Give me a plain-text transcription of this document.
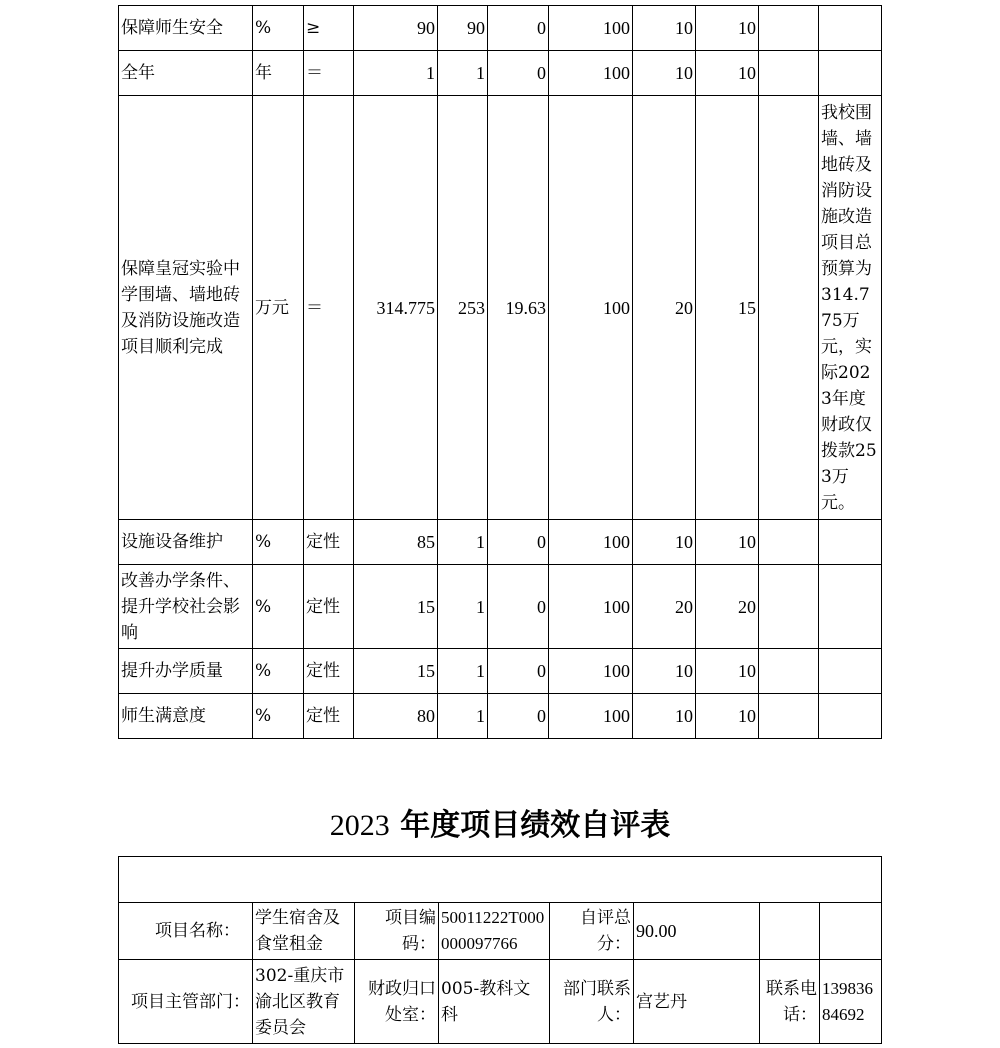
保障师生安全	%	≥	90	90	0	100	10	10		
全年	年	＝	1	1	0	100	10	10		
保障皇冠实验中学围墙、墙地砖及消防设施改造项目顺利完成	万元	＝	314.775	253	19.63	100	20	15		我校围墙、墙地砖及消防设施改造项目总预算为314.775万元，实际2023年度财政仅拨款253万元。
设施设备维护	%	定性	85	1	0	100	10	10		
改善办学条件、提升学校社会影响	%	定性	15	1	0	100	20	20		
提升办学质量	%	定性	15	1	0	100	10	10		
师生满意度	%	定性	80	1	0	100	10	10		
2023 年度项目绩效自评表

项目名称：	学生宿舍及食堂租金	项目编码：	50011222T000000097766	自评总分：	90.00		
项目主管部门：	302-重庆市渝北区教育委员会	财政归口处室：	005-教科文科	部门联系人：	宫艺丹	联系电话：	13983684692
